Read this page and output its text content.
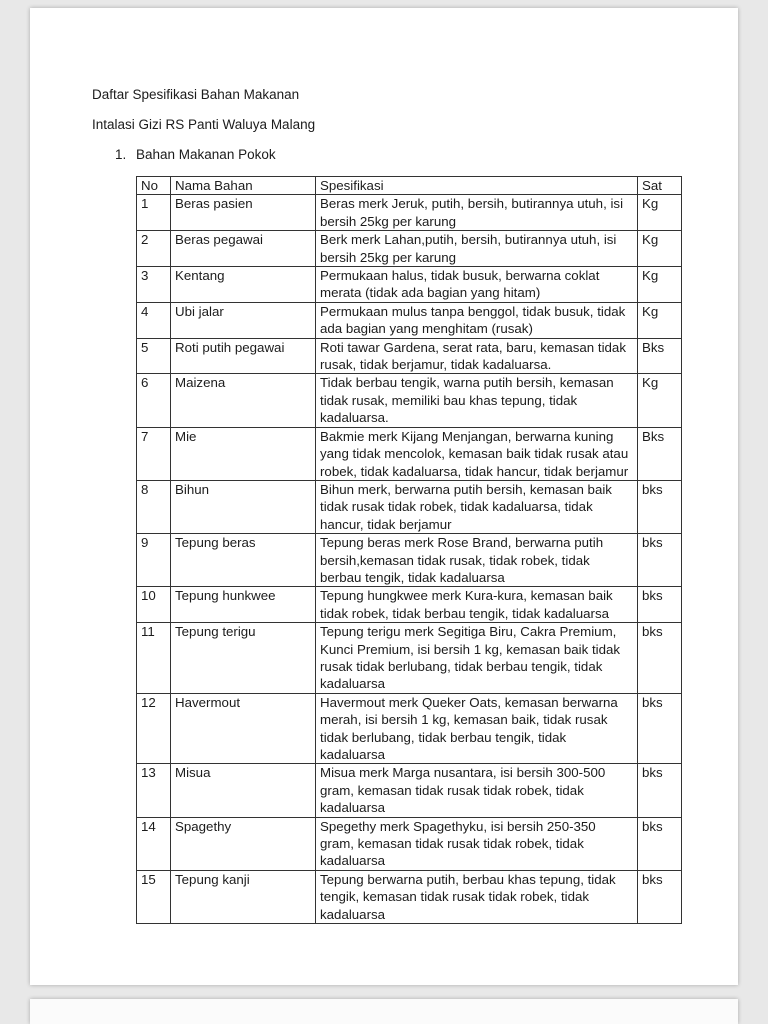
Daftar Spesifikasi Bahan Makanan

Intalasi Gizi RS Panti Waluya Malang

1. Bahan Makanan Pokok
No	Nama Bahan	Spesifikasi	Sat
1	Beras pasien	Beras merk Jeruk, putih, bersih, butirannya utuh, isi bersih 25kg per karung	Kg
2	Beras pegawai	Berk merk Lahan,putih, bersih, butirannya utuh, isi bersih 25kg per karung	Kg
3	Kentang	Permukaan halus, tidak busuk, berwarna coklat merata (tidak ada bagian yang hitam)	Kg
4	Ubi jalar	Permukaan mulus tanpa benggol, tidak busuk, tidak ada bagian yang menghitam (rusak)	Kg
5	Roti putih pegawai	Roti tawar Gardena, serat rata, baru, kemasan tidak rusak, tidak berjamur, tidak kadaluarsa.	Bks
6	Maizena	Tidak berbau tengik, warna putih bersih, kemasan tidak rusak, memiliki bau khas tepung, tidak kadaluarsa.	Kg
7	Mie	Bakmie merk Kijang Menjangan, berwarna kuning yang tidak mencolok, kemasan baik tidak rusak atau robek, tidak kadaluarsa, tidak hancur, tidak berjamur	Bks
8	Bihun	Bihun merk, berwarna putih bersih, kemasan baik tidak rusak tidak robek, tidak kadaluarsa, tidak hancur, tidak berjamur	bks
9	Tepung beras	Tepung beras merk Rose Brand, berwarna putih bersih,kemasan tidak rusak, tidak robek, tidak berbau tengik, tidak kadaluarsa	bks
10	Tepung hunkwee	Tepung hungkwee merk Kura-kura, kemasan baik tidak robek, tidak berbau tengik, tidak kadaluarsa	bks
11	Tepung terigu	Tepung terigu merk Segitiga Biru, Cakra Premium, Kunci Premium, isi bersih 1 kg, kemasan baik tidak rusak tidak berlubang, tidak berbau tengik, tidak kadaluarsa	bks
12	Havermout	Havermout merk Queker Oats, kemasan berwarna merah, isi bersih 1 kg, kemasan baik, tidak rusak tidak berlubang, tidak berbau tengik, tidak kadaluarsa	bks
13	Misua	Misua merk Marga nusantara, isi bersih 300-500 gram, kemasan tidak rusak tidak robek, tidak kadaluarsa	bks
14	Spagethy	Spegethy merk Spagethyku, isi bersih 250-350 gram, kemasan tidak rusak tidak robek, tidak kadaluarsa	bks
15	Tepung kanji	Tepung berwarna putih, berbau khas tepung, tidak tengik, kemasan tidak rusak tidak robek, tidak kadaluarsa	bks
